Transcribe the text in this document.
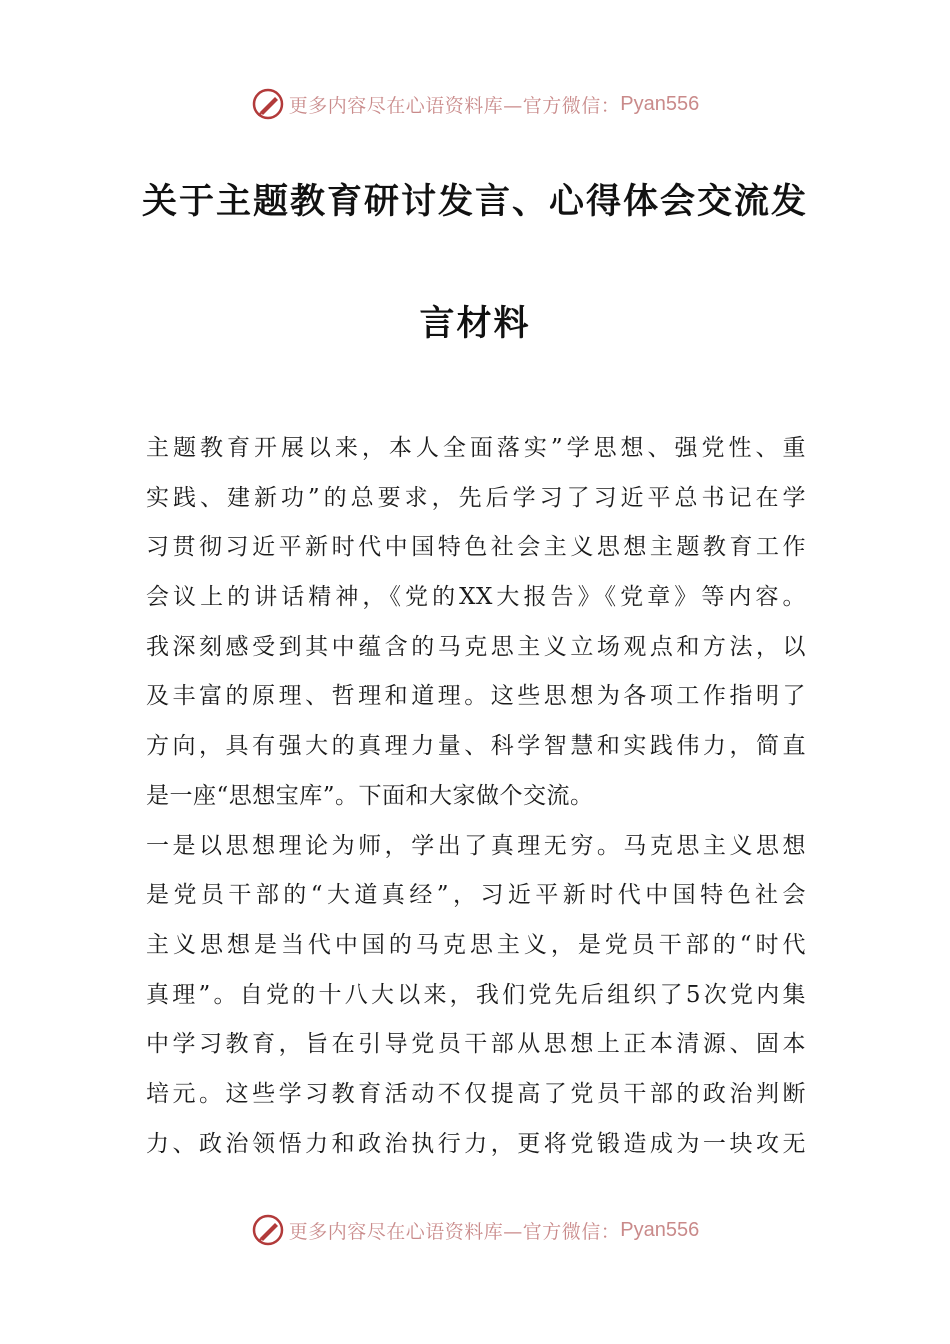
更多内容尽在心语资料库—官方微信： Pyan556
关于主题教育研讨发言、心得体会交流发
言材料
主题教育开展以来，本人全面落实”学思想、强党性、重
实践、建新功”的总要求，先后学习了习近平总书记在学
习贯彻习近平新时代中国特色社会主义思想主题教育工作
会议上的讲话精神，《党的XX大报告》《党章》等内容。
我深刻感受到其中蕴含的马克思主义立场观点和方法，以
及丰富的原理、哲理和道理。这些思想为各项工作指明了
方向，具有强大的真理力量、科学智慧和实践伟力，简直
是一座“思想宝库”。下面和大家做个交流。
一是以思想理论为师，学出了真理无穷。马克思主义思想
是党员干部的“大道真经”，习近平新时代中国特色社会
主义思想是当代中国的马克思主义，是党员干部的“时代
真理”。自党的十八大以来，我们党先后组织了5次党内集
中学习教育，旨在引导党员干部从思想上正本清源、固本
培元。这些学习教育活动不仅提高了党员干部的政治判断
力、政治领悟力和政治执行力，更将党锻造成为一块攻无
更多内容尽在心语资料库—官方微信： Pyan556
